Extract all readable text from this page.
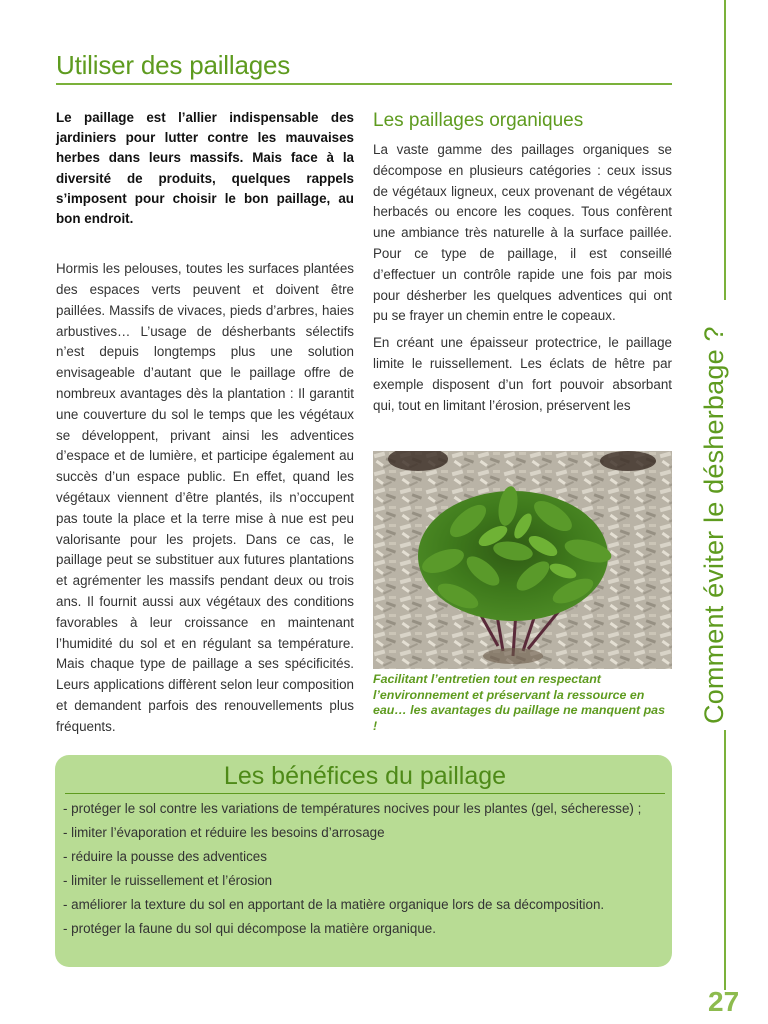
Utiliser des paillages

Le paillage est l’allier indispensable des jardiniers pour lutter contre les mauvaises herbes dans leurs massifs. Mais face à la diversité de produits, quelques rappels s’imposent pour choisir le bon paillage, au bon endroit.

Hormis les pelouses, toutes les surfaces plantées des espaces verts peuvent et doivent être paillées. Massifs de vivaces, pieds d’arbres, haies arbustives… L’usage de désherbants sélectifs n’est depuis longtemps plus une solution envisageable d’autant que le paillage offre de nombreux avantages dès la plantation : Il garantit une couverture du sol le temps que les végétaux se développent, privant ainsi les adventices d’espace et de lumière, et participe également au succès d’un espace public. En effet, quand les végétaux viennent d’être plantés, ils n’occupent pas toute la place et la terre mise à nue est peu valorisante pour les projets. Dans ce cas, le paillage peut se substituer aux futures plantations et agrémenter les massifs pendant deux ou trois ans. Il fournit aussi aux végétaux des conditions favorables à leur croissance en maintenant l’humidité du sol et en régulant sa température. Mais chaque type de paillage a ses spécificités. Leurs applications diffèrent selon leur composition et demandent parfois des renouvellements plus fréquents.

Les paillages organiques

La vaste gamme des paillages organiques se décompose en plusieurs catégories : ceux issus de végétaux ligneux, ceux provenant de végétaux herbacés ou encore les coques. Tous confèrent une ambiance très naturelle à la surface paillée. Pour ce type de paillage, il est conseillé d’effectuer un contrôle rapide une fois par mois pour désherber les quelques adventices qui ont pu se frayer un chemin entre le copeaux.

En créant une épaisseur protectrice, le paillage limite le ruissellement. Les éclats de hêtre par exemple disposent d’un fort pouvoir absorbant qui, tout en limitant l’érosion, préservent les

Facilitant l’entretien tout en respectant l’environnement et préservant la ressource en eau… les avantages du paillage ne manquent pas !

Les bénéfices du paillage
- protéger le sol contre les variations de températures nocives pour les plantes (gel, sécheresse) ;
- limiter l’évaporation et réduire les besoins d’arrosage
- réduire la pousse des adventices
- limiter le ruissellement et l’érosion
- améliorer la texture du sol en apportant de la matière organique lors de sa décomposition.
- protéger la faune du sol qui décompose la matière organique.
Comment éviter le désherbage ?
27
